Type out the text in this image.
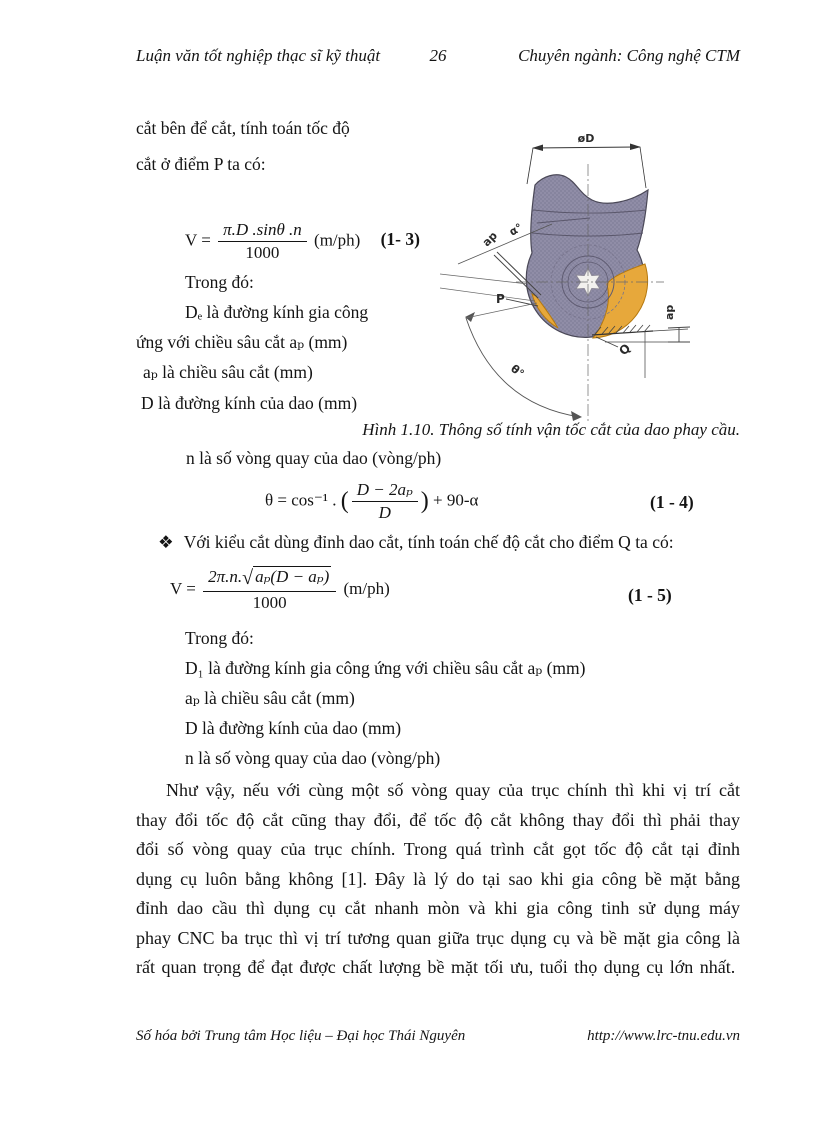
Luận văn tốt nghiệp thạc sĩ kỹ thuật	26	Chuyên ngành: Công nghệ CTM
cắt bên để cắt, tính toán tốc độ
cắt ở điểm P ta có:
øD
α°
ap
P
θ°
ap
Q
$V = \frac{\pi.D .\sin\theta .n}{1000} (m/ph)$ (1- 3)
Trong đó:
Dₑ là đường kính gia công
ứng với chiều sâu cắt aₚ (mm)
aₚ là chiều sâu cắt (mm)
D là đường kính của dao (mm)
Hình 1.10. Thông số tính vận tốc cắt của dao phay cầu.
n là số vòng quay của dao (vòng/ph)
θ = cos⁻¹ . ( $\frac{\text{D − 2aₚ}}{D}$ ) + 90-α	(1 - 4)
❖ Với kiểu cắt dùng đỉnh dao cắt, tính toán chế độ cắt cho điểm Q ta có:
$V = \frac{\text{2π.n.√ aₚ(D − aₚ)}}{1000} (m/ph)$	(1 - 5)
Trong đó:
D₁ là đường kính gia công ứng với chiều sâu cắt aₚ (mm)
aₚ là chiều sâu cắt (mm)
D là đường kính của dao (mm)
n là số vòng quay của dao (vòng/ph)
Như vậy, nếu với cùng một số vòng quay của trục chính thì khi vị trí cắt thay đổi tốc độ cắt cũng thay đổi, để tốc độ cắt không thay đổi thì phải thay đổi số vòng quay của trục chính. Trong quá trình cắt gọt tốc độ cắt tại đỉnh dụng cụ luôn bằng không [1]. Đây là lý do tại sao khi gia công bề mặt bằng đỉnh dao cầu thì dụng cụ cắt nhanh mòn và khi gia công tinh sử dụng máy phay CNC ba trục thì vị trí tương quan giữa trục dụng cụ và bề mặt gia công là rất quan trọng để đạt được chất lượng bề mặt tối ưu, tuổi thọ dụng cụ lớn nhất.
Số hóa bởi Trung tâm Học liệu – Đại học Thái Nguyên	http://www.lrc-tnu.edu.vn
